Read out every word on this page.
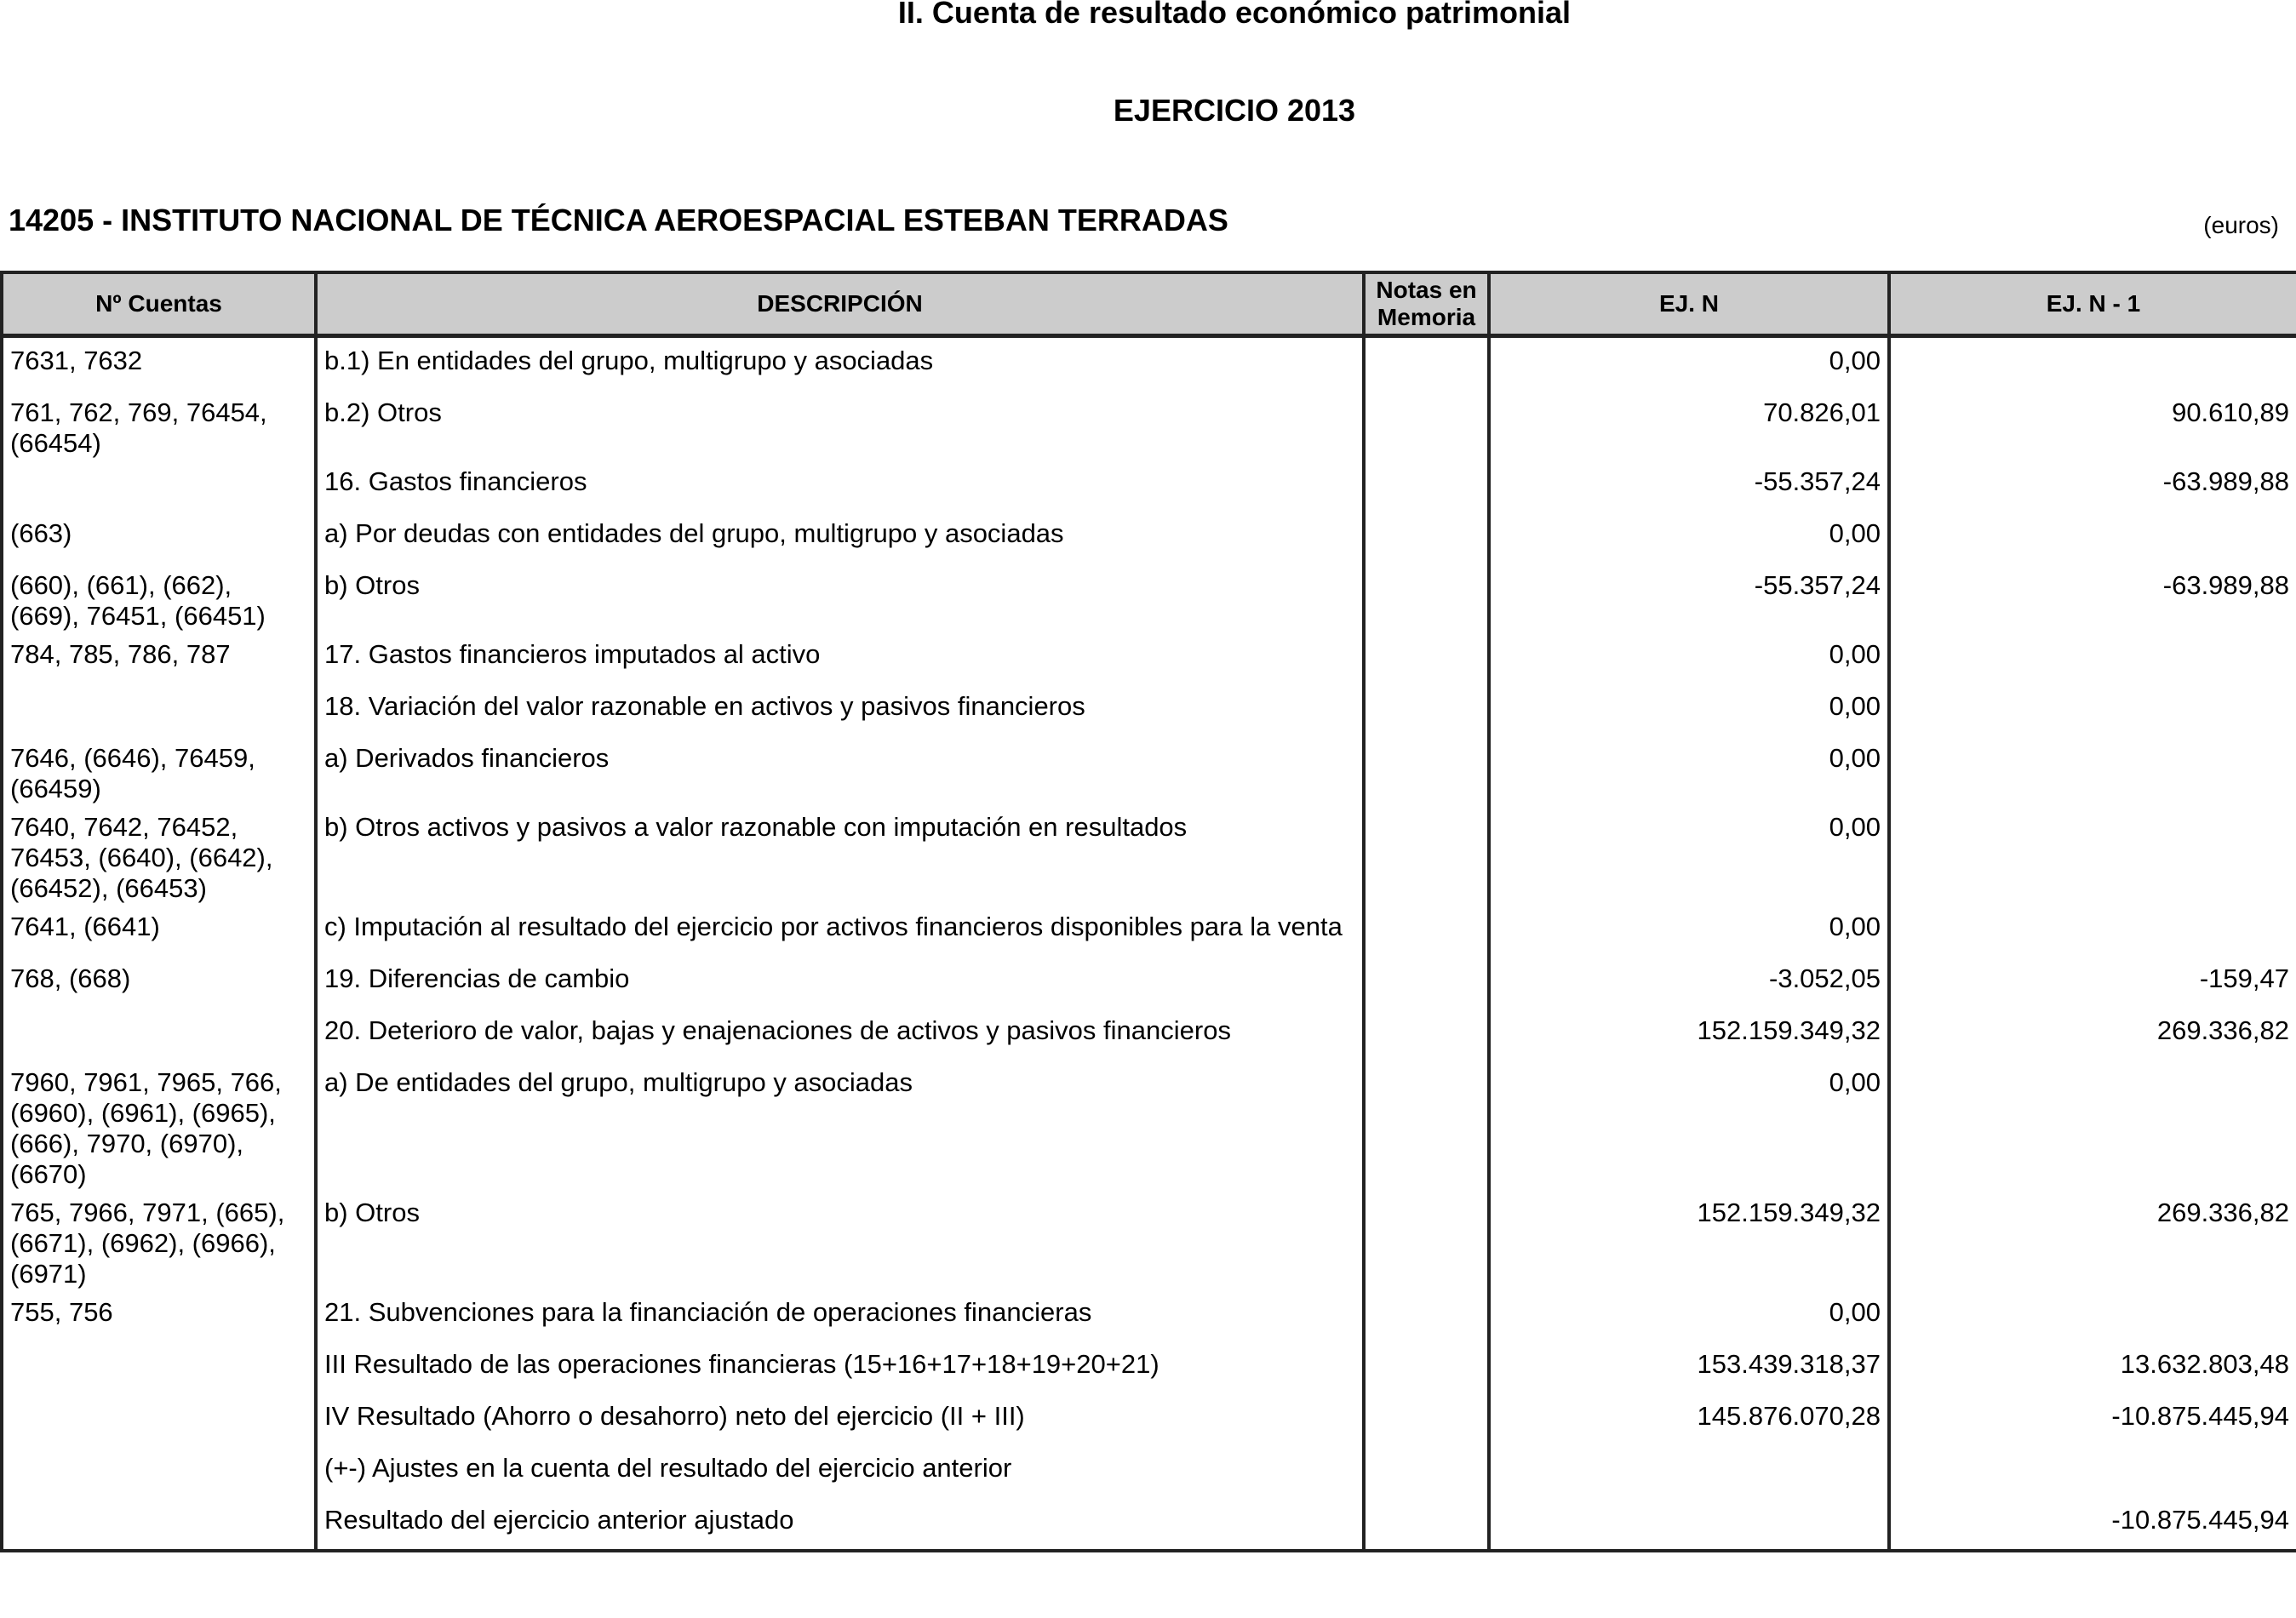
II. Cuenta de resultado económico patrimonial
EJERCICIO 2013
14205 - INSTITUTO NACIONAL DE TÉCNICA AEROESPACIAL ESTEBAN TERRADAS	(euros)
Nº Cuentas	DESCRIPCIÓN	Notas en Memoria	EJ. N	EJ. N - 1
7631, 7632	b.1) En entidades del grupo, multigrupo y asociadas		0,00	
761, 762, 769, 76454, (66454)	b.2) Otros		70.826,01	90.610,89
	16. Gastos financieros		-55.357,24	-63.989,88
(663)	a) Por deudas con entidades del grupo, multigrupo y asociadas		0,00	
(660), (661), (662), (669), 76451, (66451)	b) Otros		-55.357,24	-63.989,88
784, 785, 786, 787	17. Gastos financieros imputados al activo		0,00	
	18. Variación del valor razonable en activos y pasivos financieros		0,00	
7646, (6646), 76459, (66459)	a) Derivados financieros		0,00	
7640, 7642, 76452, 76453, (6640), (6642), (66452), (66453)	b) Otros activos y pasivos a valor razonable con imputación en resultados		0,00	
7641, (6641)	c) Imputación al resultado del ejercicio por activos financieros disponibles para la venta		0,00	
768, (668)	19. Diferencias de cambio		-3.052,05	-159,47
	20. Deterioro de valor, bajas y enajenaciones de activos y pasivos financieros		152.159.349,32	269.336,82
7960, 7961, 7965, 766, (6960), (6961), (6965), (666), 7970, (6970), (6670)	a) De entidades del grupo, multigrupo y asociadas		0,00	
765, 7966, 7971, (665), (6671), (6962), (6966), (6971)	b) Otros		152.159.349,32	269.336,82
755, 756	21. Subvenciones para la financiación de operaciones financieras		0,00	
	III Resultado de las operaciones financieras (15+16+17+18+19+20+21)		153.439.318,37	13.632.803,48
	IV Resultado (Ahorro o desahorro) neto del ejercicio (II + III)		145.876.070,28	-10.875.445,94
	(+-) Ajustes en la cuenta del resultado del ejercicio anterior			
	Resultado del ejercicio anterior ajustado			-10.875.445,94
